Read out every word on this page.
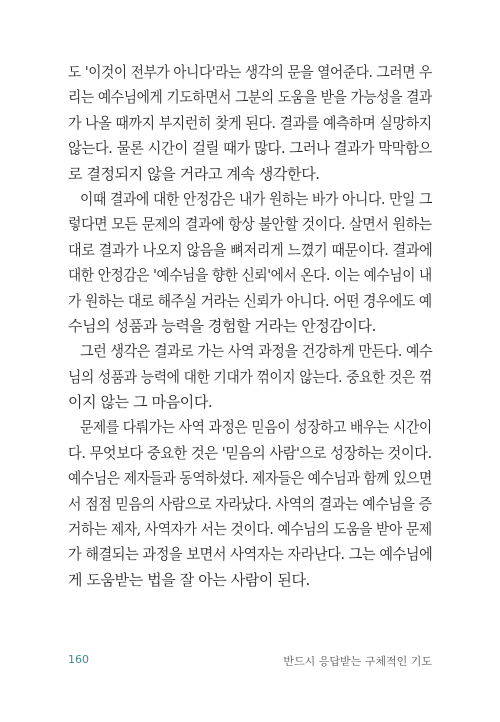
도 '이것이 전부가 아니다'라는 생각의 문을 열어준다. 그러면 우
리는 예수님에게 기도하면서 그분의 도움을 받을 가능성을 결과
가 나올 때까지 부지런히 찾게 된다. 결과를 예측하며 실망하지
않는다. 물론 시간이 걸릴 때가 많다. 그러나 결과가 막막함으
로 결정되지 않을 거라고 계속 생각한다.
이때 결과에 대한 안정감은 내가 원하는 바가 아니다. 만일 그
렇다면 모든 문제의 결과에 항상 불안할 것이다. 살면서 원하는
대로 결과가 나오지 않음을 뼈저리게 느꼈기 때문이다. 결과에
대한 안정감은 '예수님을 향한 신뢰'에서 온다. 이는 예수님이 내
가 원하는 대로 해주실 거라는 신뢰가 아니다. 어떤 경우에도 예
수님의 성품과 능력을 경험할 거라는 안정감이다.
그런 생각은 결과로 가는 사역 과정을 건강하게 만든다. 예수
님의 성품과 능력에 대한 기대가 꺾이지 않는다. 중요한 것은 꺾
이지 않는 그 마음이다.
문제를 다뤄가는 사역 과정은 믿음이 성장하고 배우는 시간이
다. 무엇보다 중요한 것은 '믿음의 사람'으로 성장하는 것이다.
예수님은 제자들과 동역하셨다. 제자들은 예수님과 함께 있으면
서 점점 믿음의 사람으로 자라났다. 사역의 결과는 예수님을 증
거하는 제자, 사역자가 서는 것이다. 예수님의 도움을 받아 문제
가 해결되는 과정을 보면서 사역자는 자라난다. 그는 예수님에
게 도움받는 법을 잘 아는 사람이 된다.
160	반드시 응답받는 구체적인 기도
